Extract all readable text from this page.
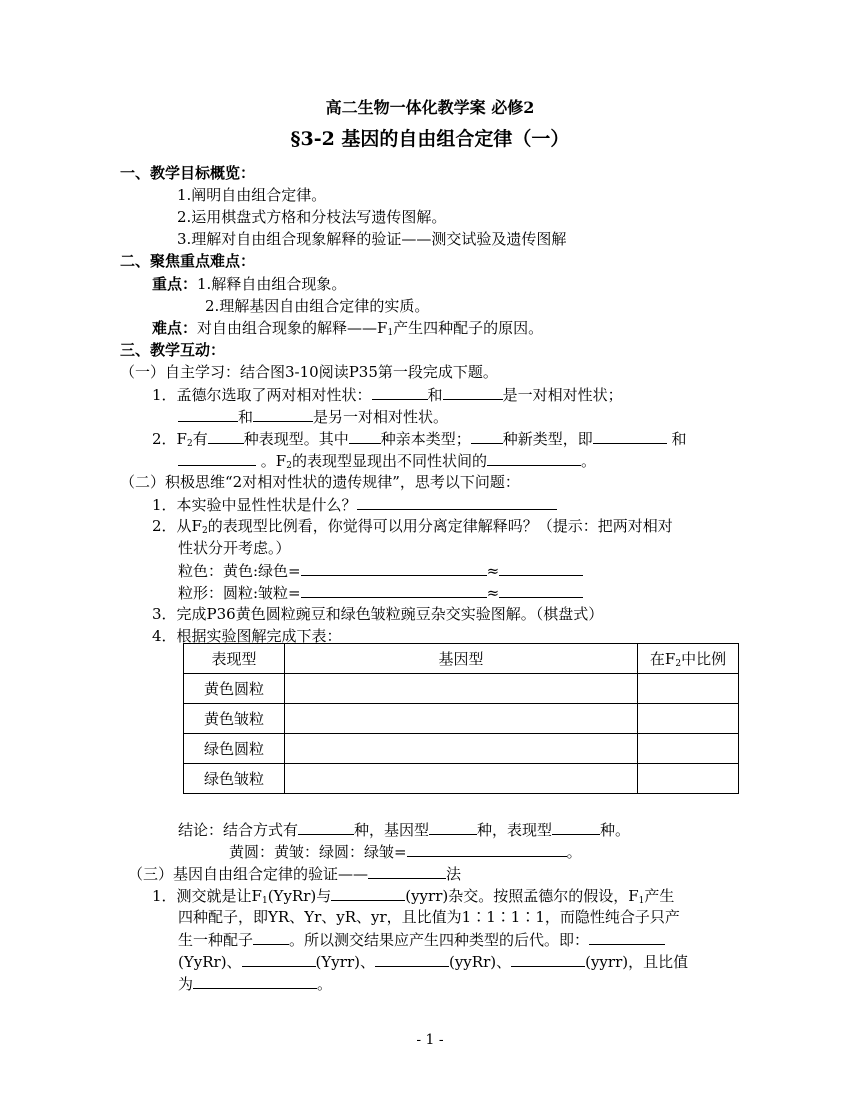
高二生物一体化教学案 必修2
§3-2 基因的自由组合定律（一）
一、教学目标概览：
1.阐明自由组合定律。
2.运用棋盘式方格和分枝法写遗传图解。
3.理解对自由组合现象解释的验证——测交试验及遗传图解
二、聚焦重点难点：
重点：1.解释自由组合现象。
2.理解基因自由组合定律的实质。
难点：对自由组合现象的解释$——F_1$产生四种配子的原因。
三、教学互动：
（一）自主学习：结合图3-10阅读P35第一段完成下题。
1．孟德尔选取了两对相对性状：	和	是一对相对性状；
和	是另一对相对性状。
2．$F_2$有 种表现型。其中 种亲本类型； 种新类型，即	和
。$F_2$的表现型显现出不同性状间的	。
（二）积极思维“2对相对性状的遗传规律”，思考以下问题：
1．本实验中显性性状是什么？
2．从$F_2$的表现型比例看，你觉得可以用分离定律解释吗？（提示：把两对相对
性状分开考虑。）
粒色：黄色:绿色=	≈
粒形：圆粒:皱粒=	≈
3．完成P36黄色圆粒豌豆和绿色皱粒豌豆杂交实验图解。（棋盘式）
4．根据实验图解完成下表：
表现型	基因型	在$F_2$中比例
黄色圆粒		
黄色皱粒		
绿色圆粒		
绿色皱粒		
结论：结合方式有	种，基因型	种，表现型	种。
黄圆：黄皱：绿圆：绿皱=	。
（三）基因自由组合定律的验证——	法
1．测交就是让$F_1(YyRr)$与	(yyrr)杂交。按照孟德尔的假设，$F_1$产生
四种配子，即YR、Yr、yR、yr，且比值为1∶1∶1∶1，而隐性纯合子只产
生一种配子 。所以测交结果应产生四种类型的后代。即：
(YyRr)、	(Yyrr)、	(yyRr)、	(yyrr)，且比值
为	。
- 1 -
